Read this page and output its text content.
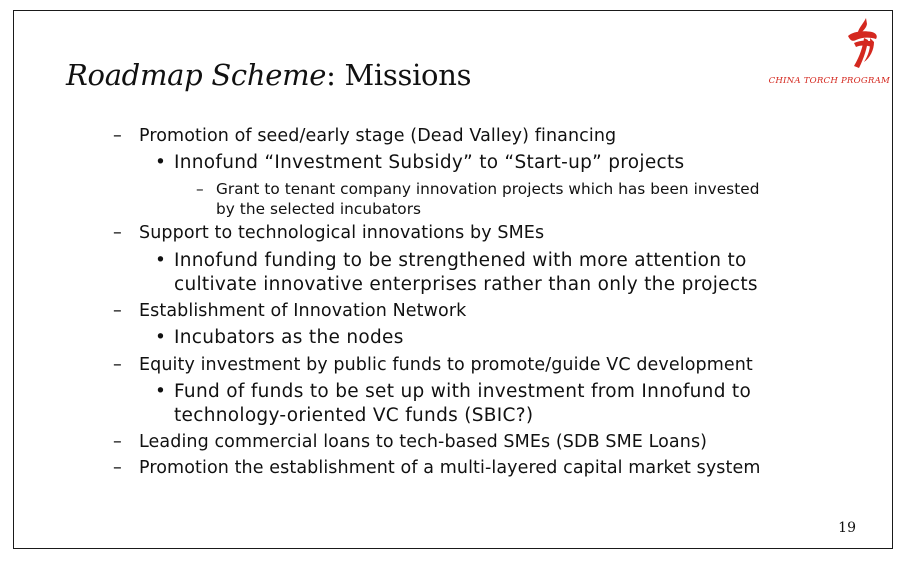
Roadmap Scheme: Missions	CHINA TORCH PROGRAM
– Promotion of seed/early stage (Dead Valley) financing
• Innofund “Investment Subsidy” to “Start-up” projects
– Grant to tenant company innovation projects which has been invested
by the selected incubators
– Support to technological innovations by SMEs
• Innofund funding to be strengthened with more attention to
cultivate innovative enterprises rather than only the projects
– Establishment of Innovation Network
• Incubators as the nodes
– Equity investment by public funds to promote/guide VC development
• Fund of funds to be set up with investment from Innofund to
technology-oriented VC funds (SBIC?)
– Leading commercial loans to tech-based SMEs (SDB SME Loans)
– Promotion the establishment of a multi-layered capital market system
19
